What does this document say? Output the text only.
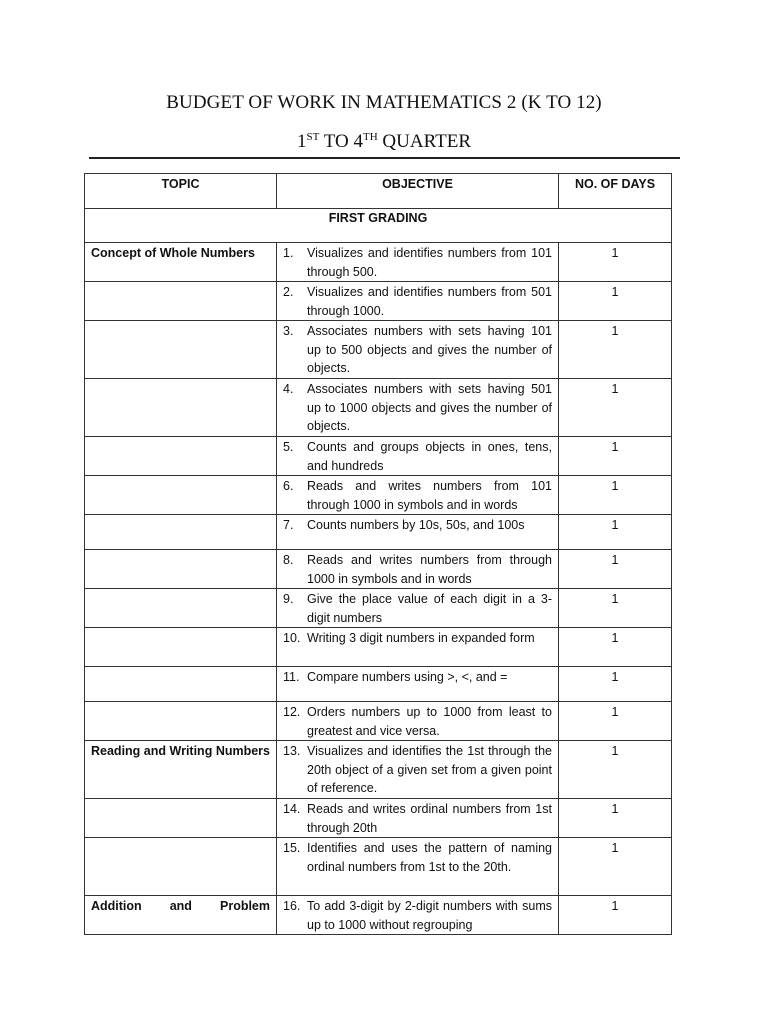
BUDGET OF WORK IN MATHEMATICS 2 (K TO 12)
1ST TO 4TH QUARTER
TOPIC	OBJECTIVE	NO. OF DAYS
FIRST GRADING		
Concept of Whole Numbers	1. Visualizes and identifies numbers from 101 through 500.	1

	2. Visualizes and identifies numbers from 501 through 1000.	1

	3. Associates numbers with sets having 101 up to 500 objects and gives the number of objects.	1

	4. Associates numbers with sets having 501 up to 1000 objects and gives the number of objects.	1

	5. Counts and groups objects in ones, tens, and hundreds	1

	6. Reads and writes numbers from 101 through 1000 in symbols and in words	1

	7. Counts numbers by 10s, 50s, and 100s	1

	8. Reads and writes numbers from through 1000 in symbols and in words	1

	9. Give the place value of each digit in a 3-digit numbers	1

	10. Writing 3 digit numbers in expanded form	1

	11. Compare numbers using >, <, and =	1

	12. Orders numbers up to 1000 from least to greatest and vice versa.	1
Reading and Writing Numbers	13. Visualizes and identifies the 1st through the 20th object of a given set from a given point of reference.	1

	14. Reads and writes ordinal numbers from 1st through 20th	1

	15. Identifies and uses the pattern of naming ordinal numbers from 1st to the 20th.	1
Addition and Problem	16. To add 3-digit by 2-digit numbers with sums up to 1000 without regrouping	1
